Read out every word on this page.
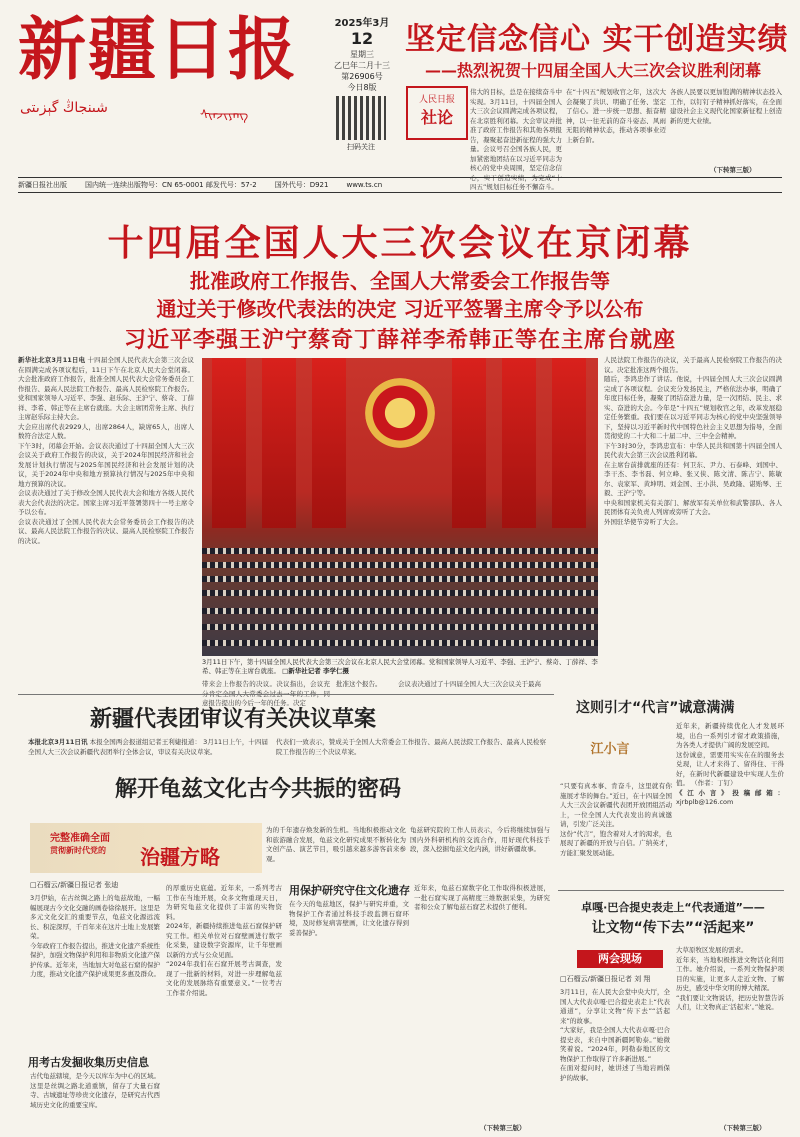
新疆日报
شىنجاڭ گېزىتى	ᠰᠢᠨᠵᠢᠶᠠᠩ
2025年3月
12
星期三
乙巳年二月十三
第26906号
今日8版
扫码关注
坚定信念信心 实干创造实绩
——热烈祝贺十四届全国人大三次会议胜利闭幕
人民日报
社论
伟大的目标，总是在接续奋斗中实现。3月11日，十四届全国人大三次会议圆满完成各项议程，在北京胜利闭幕。大会审议并批准了政府工作报告和其他各项报告，凝聚起奋进新征程的强大力量。会议号召全国各族人民，更加紧密地团结在以习近平同志为核心的党中央周围，坚定信念信心，实干创造实绩，为完成“十四五”规划目标任务不懈奋斗。
在“十四五”规划收官之年，这次大会凝聚了共识、明确了任务、坚定了信心。进一步统一思想、振奋精神，以一往无前的奋斗姿态、风雨无阻的精神状态，推动各项事业迈上新台阶。
各族人民要以更加饱满的精神状态投入工作，以钉钉子精神抓好落实，在全面建设社会主义现代化国家新征程上创造新的更大业绩。
（下转第三版）
新疆日报社出版	国内统一连续出版物号：CN 65-0001 邮发代号：57-2	国外代号：D921	www.ts.cn
十四届全国人大三次会议在京闭幕
批准政府工作报告、全国人大常委会工作报告等
通过关于修改代表法的决定 习近平签署主席令予以公布
习近平李强王沪宁蔡奇丁薛祥李希韩正等在主席台就座
新华社北京3月11日电 十四届全国人民代表大会第三次会议在圆满完成各项议程后，11日下午在北京人民大会堂闭幕。大会批准政府工作报告，批准全国人民代表大会常务委员会工作报告、最高人民法院工作报告、最高人民检察院工作报告。
党和国家领导人习近平、李强、赵乐际、王沪宁、蔡奇、丁薛祥、李希、韩正等在主席台就座。大会主席团常务主席、执行主席赵乐际主持大会。
大会应出席代表2929人，出席2864人，缺席65人，出席人数符合法定人数。
下午3时，闭幕会开始。会议表决通过了十四届全国人大三次会议关于政府工作报告的决议，关于2024年国民经济和社会发展计划执行情况与2025年国民经济和社会发展计划的决议，关于2024年中央和地方预算执行情况与2025年中央和地方预算的决议。
会议表决通过了关于修改全国人民代表大会和地方各级人民代表大会代表法的决定。国家主席习近平签署第四十一号主席令予以公布。
会议表决通过了全国人民代表大会常务委员会工作报告的决议、最高人民法院工作报告的决议、最高人民检察院工作报告的决议。
3月11日下午，第十四届全国人民代表大会第三次会议在北京人民大会堂闭幕。党和国家领导人习近平、李强、王沪宁、蔡奇、丁薛祥、李希、韩正等在主席台就座。 □新华社记者 李学仁摄
带来会上作报告的决议。决议指出，会议充分肯定全国人大常委会过去一年的工作，同意报告提出的今后一年的任务。决定
批准这个报告。	会议表决通过了十四届全国人大三次会议关于最高
人民法院工作报告的决议，关于最高人民检察院工作报告的决议。决定批准这两个报告。
随后，李鸿忠作了讲话。他说，十四届全国人大三次会议圆满完成了各项议程。会议充分发扬民主，严格依法办事，明确了年度目标任务，凝聚了团结奋进力量，是一次团结、民主、求实、奋进的大会。今年是“十四五”规划收官之年，改革发展稳定任务繁重。我们要在以习近平同志为核心的党中央坚强领导下，坚持以习近平新时代中国特色社会主义思想为指导，全面贯彻党的二十大和二十届二中、三中全会精神。
下午3时30分，李鸿忠宣布：中华人民共和国第十四届全国人民代表大会第三次会议胜利闭幕。
在主席台前排就座的还有：何卫东、尹力、石泰峰、刘国中、李干杰、李书磊、何立峰、张又侠、陈文清、陈吉宁、陈敏尔、袁家军、黄坤明、刘金国、王小洪、吴政隆、谌贻琴、王毅、王沪宁等。
中央和国家机关有关部门、解放军有关单位和武警部队、各人民团体有关负责人列席或旁听了大会。
外国驻华使节旁听了大会。
新疆代表团审议有关决议草案
本报北京3月11日讯 本报全国两会报道组记者王利婕报道： 3月11日上午，十四届全国人大三次会议新疆代表团举行全体会议，审议有关决议草案。
代表们一致表示，赞成关于全国人大常委会工作报告、最高人民法院工作报告、最高人民检察院工作报告的三个决议草案。
解开龟兹文化古今共振的密码
完整准确全面
贯彻新时代党的 治疆方略
□石榴云/新疆日报记者 张迪
3月伊始，在古丝绸之路上的龟兹故地，一幅幅展现古今文化交融的画卷徐徐展开。这里是多元文化交汇的重要节点，龟兹文化源远流长、积淀深厚，千百年来在这片土地上发展繁荣。
今年政府工作报告提出，推进文化遗产系统性保护，加强文物保护利用和非物质文化遗产保护传承。近年来，当地加大对龟兹石窟的保护力度，推动文化遗产保护成果更多惠及群众。
用考古发掘收集历史信息
古代龟兹辖境，是今天以库车为中心的区域。这里是丝绸之路北道重镇，留存了大量石窟寺、古城遗址等珍贵文化遗存，是研究古代西域历史文化的重要宝库。
的厚重历史底蕴。近年来，一系列考古工作在当地开展，众多文物重现天日，为研究龟兹文化提供了丰富的实物资料。
2024年，新疆持续推进龟兹石窟保护研究工作。相关单位对石窟壁画进行数字化采集，建设数字资源库，让千年壁画以新的方式与公众见面。
“2024年我们在石窟开展考古调查，发现了一批新的材料，对进一步理解龟兹文化的发展脉络有重要意义。”一位考古工作者介绍说。
为的千年遗存焕发新的生机。当地积极推动文化和旅游融合发展，龟兹文化研究成果不断转化为文创产品、演艺节目，吸引越来越多游客前来参观。
龟兹研究院的工作人员表示，今后将继续加强与国内外科研机构的交流合作，用好现代科技手段，深入挖掘龟兹文化内涵，讲好新疆故事。
用保护研究守住文化遗存
在今天的龟兹地区，保护与研究并重，文物保护工作者通过科技手段监测石窟环境，及时修复病害壁画，让文化遗存得到妥善保护。
近年来，龟兹石窟数字化工作取得积极进展，一批石窟实现了高精度三维数据采集，为研究者和公众了解龟兹石窟艺术提供了便利。
（下转第三版）
这则引才“代言”诚意满满
江小言
“只要有真本事、肯奋斗，这里就有你施展才华的舞台。”近日，在十四届全国人大三次会议新疆代表团开放团组活动上，一位全国人大代表发出的真诚邀请，引发广泛关注。
这份“代言”，饱含着对人才的渴求，也展现了新疆的开放与自信。广纳英才，方能汇聚发展动能。
近年来，新疆持续优化人才发展环境，出台一系列引才留才政策措施，为各类人才提供广阔的发展空间。
这份诚意，需要用实实在在的服务去兑现，让人才来得了、留得住、干得好，在新时代新疆建设中实现人生价值。 （作者：丁钉）
《江小言》投稿邮箱： xjrbplb@126.com
卓嘎·巴合提史表走上“代表通道”——
让文物“传下去”“活起来”
两会现场
□石榴云/新疆日报记者 刘 翔
3月11日，在人民大会堂中央大厅，全国人大代表卓嘎·巴合提史表走上“代表通道”，分享让文物“传下去”“活起来”的故事。
“大家好，我是全国人大代表卓嘎·巴合提史表，来自中国新疆阿勒泰。”她微笑着说。“2024年，阿勒泰地区的文物保护工作取得了许多新进展。”
在面对提问时，她讲述了当地岩画保护的故事。
大草原牧区发展的需求。
近年来，当地积极推进文物活化利用工作。她介绍说，一系列文物保护项目的实施，让更多人走近文物、了解历史，感受中华文明的博大精深。
“我们要让文物说话，把历史智慧告诉人们，让文物真正‘活起来’。”她说。
（下转第三版）
